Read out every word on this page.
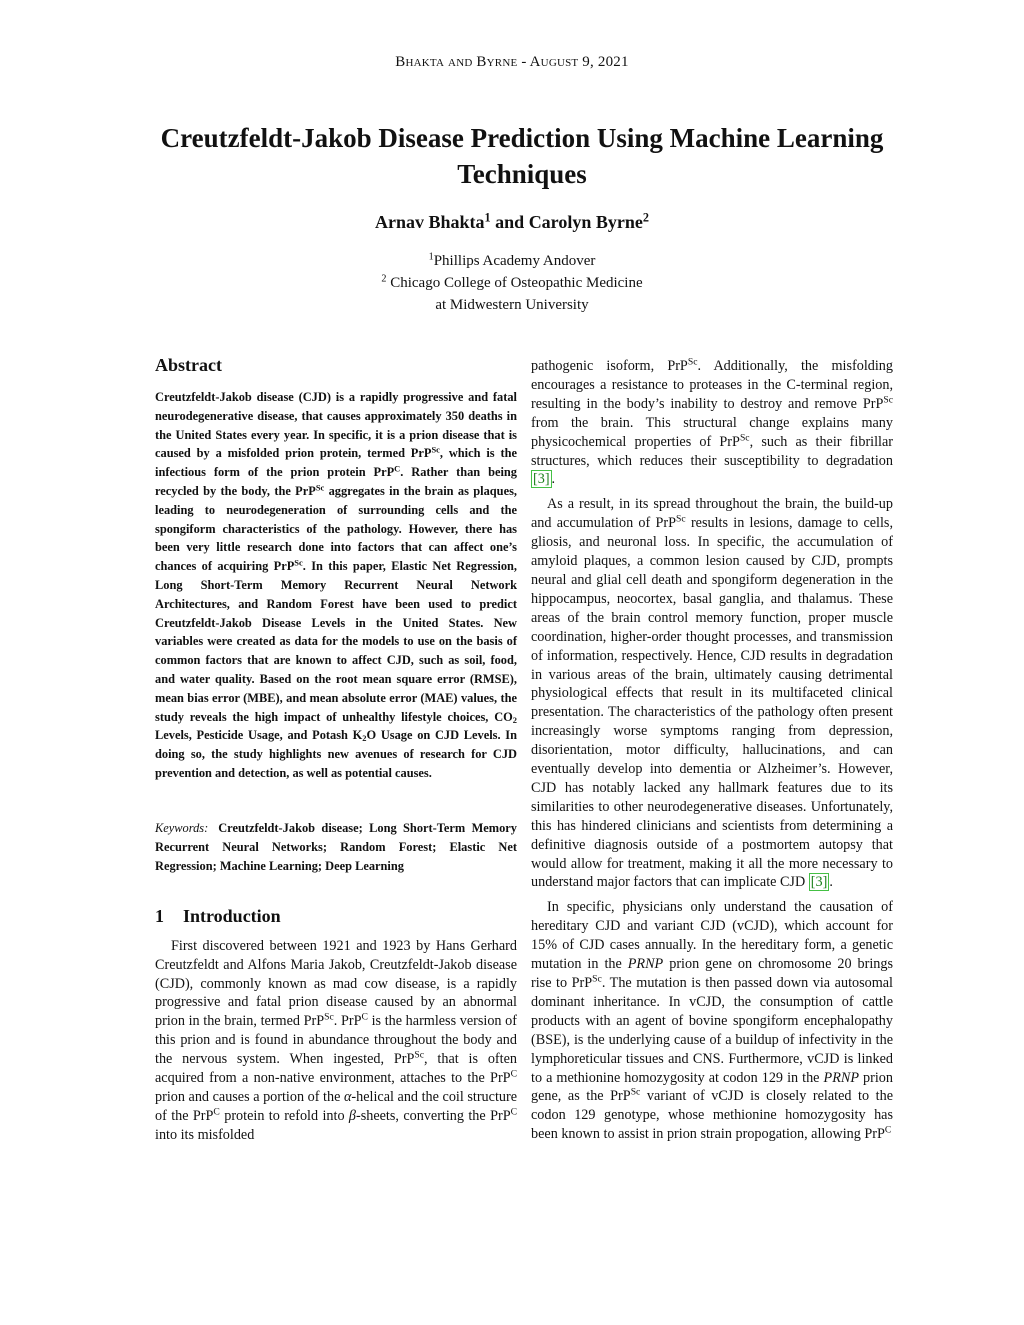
Bhakta and Byrne - August 9, 2021
Creutzfeldt-Jakob Disease Prediction Using Machine Learning Techniques
Arnav Bhakta$^1$ and Carolyn Byrne$^2$
$^1$Phillips Academy Andover
$^2$ Chicago College of Osteopathic Medicine
at Midwestern University
Abstract

Creutzfeldt-Jakob disease (CJD) is a rapidly progressive and fatal neurodegenerative disease, that causes approximately 350 deaths in the United States every year. In specific, it is a prion disease that is caused by a misfolded prion protein, termed PrP$^{Sc}$, which is the infectious form of the prion protein PrP$^C$. Rather than being recycled by the body, the PrP$^{Sc}$ aggregates in the brain as plaques, leading to neurodegeneration of surrounding cells and the spongiform characteristics of the pathology. However, there has been very little research done into factors that can affect one’s chances of acquiring PrP$^{Sc}$. In this paper, Elastic Net Regression, Long Short-Term Memory Recurrent Neural Network Architectures, and Random Forest have been used to predict Creutzfeldt-Jakob Disease Levels in the United States. New variables were created as data for the models to use on the basis of common factors that are known to affect CJD, such as soil, food, and water quality. Based on the root mean square error (RMSE), mean bias error (MBE), and mean absolute error (MAE) values, the study reveals the high impact of unhealthy lifestyle choices, $CO_2$ Levels, Pesticide Usage, and Potash $K_2O$ Usage on CJD Levels. In doing so, the study highlights new avenues of research for CJD prevention and detection, as well as potential causes.

Keywords: Creutzfeldt-Jakob disease; Long Short-Term Memory Recurrent Neural Networks; Random Forest; Elastic Net Regression; Machine Learning; Deep Learning

1 Introduction

First discovered between 1921 and 1923 by Hans Gerhard Creutzfeldt and Alfons Maria Jakob, Creutzfeldt-Jakob disease (CJD), commonly known as mad cow disease, is a rapidly progressive and fatal prion disease caused by an abnormal prion in the brain, termed PrP$^{Sc}$. PrP$^C$ is the harmless version of this prion and is found in abundance throughout the body and the nervous system. When ingested, PrP$^{Sc}$, that is often acquired from a non-native environment, attaches to the PrP$^C$ prion and causes a portion of the α-helical and the coil structure of the PrP$^C$ protein to refold into β-sheets, converting the PrP$^C$ into its misfolded

pathogenic isoform, PrP$^{Sc}$. Additionally, the misfolding encourages a resistance to proteases in the C-terminal region, resulting in the body’s inability to destroy and remove PrP$^{Sc}$ from the brain. This structural change explains many physicochemical properties of PrP$^{Sc}$, such as their fibrillar structures, which reduces their susceptibility to degradation [3] .

As a result, in its spread throughout the brain, the build-up and accumulation of PrP$^{Sc}$ results in lesions, damage to cells, gliosis, and neuronal loss. In specific, the accumulation of amyloid plaques, a common lesion caused by CJD, prompts neural and glial cell death and spongiform degeneration in the hippocampus, neocortex, basal ganglia, and thalamus. These areas of the brain control memory function, proper muscle coordination, higher-order thought processes, and transmission of information, respectively. Hence, CJD results in degradation in various areas of the brain, ultimately causing detrimental physiological effects that result in its multifaceted clinical presentation. The characteristics of the pathology often present increasingly worse symptoms ranging from depression, disorientation, motor difficulty, hallucinations, and can eventually develop into dementia or Alzheimer’s. However, CJD has notably lacked any hallmark features due to its similarities to other neurodegenerative diseases. Unfortunately, this has hindered clinicians and scientists from determining a definitive diagnosis outside of a postmortem autopsy that would allow for treatment, making it all the more necessary to understand major factors that can implicate CJD [3] .

In specific, physicians only understand the causation of hereditary CJD and variant CJD (vCJD), which account for 15% of CJD cases annually. In the hereditary form, a genetic mutation in the PRNP prion gene on chromosome 20 brings rise to PrP$^{Sc}$. The mutation is then passed down via autosomal dominant inheritance. In vCJD, the consumption of cattle products with an agent of bovine spongiform encephalopathy (BSE), is the underlying cause of a buildup of infectivity in the lymphoreticular tissues and CNS. Furthermore, vCJD is linked to a methionine homozygosity at codon 129 in the PRNP prion gene, as the PrP$^{Sc}$ variant of vCJD is closely related to the codon 129 genotype, whose methionine homozygosity has been known to assist in prion strain propogation, allowing PrP$^C$
